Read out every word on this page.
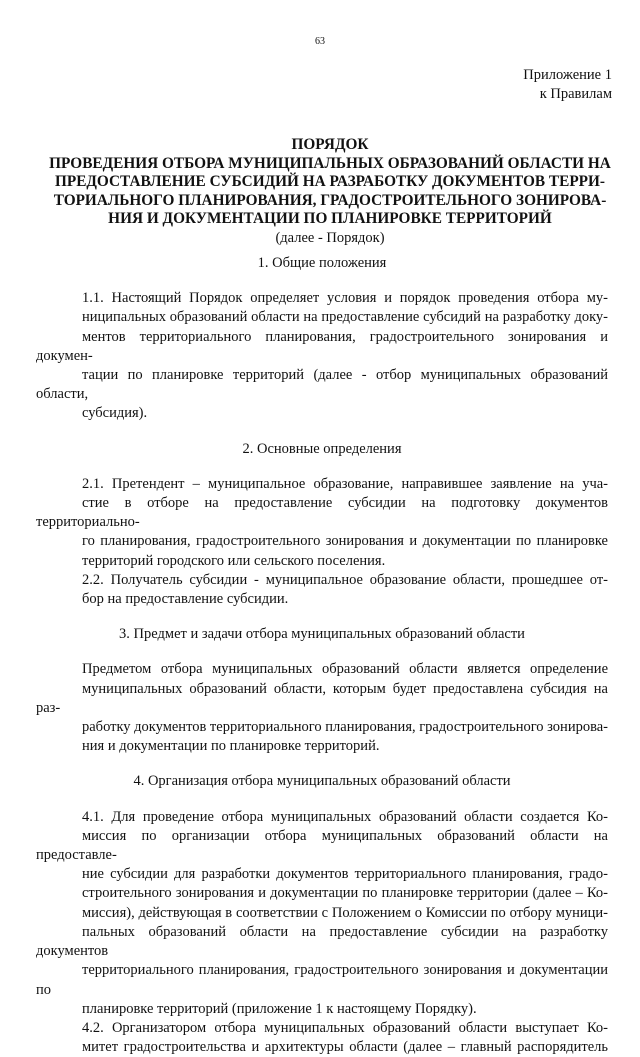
63
Приложение 1
к Правилам
ПОРЯДОК
ПРОВЕДЕНИЯ ОТБОРА МУНИЦИПАЛЬНЫХ ОБРАЗОВАНИЙ ОБЛАСТИ НА
ПРЕДОСТАВЛЕНИЕ СУБСИДИЙ НА РАЗРАБОТКУ ДОКУМЕНТОВ ТЕРРИ-
ТОРИАЛЬНОГО ПЛАНИРОВАНИЯ, ГРАДОСТРОИТЕЛЬНОГО ЗОНИРОВА-
НИЯ И ДОКУМЕНТАЦИИ ПО ПЛАНИРОВКЕ ТЕРРИТОРИЙ
(далее - Порядок)
1. Общие положения

1.1. Настоящий Порядок определяет условия и порядок проведения отбора му-
ниципальных образований области на предоставление субсидий на разработку доку-
ментов территориального планирования, градостроительного зонирования и докумен-
тации по планировке территорий (далее - отбор муниципальных образований области,
субсидия).

2. Основные определения

2.1. Претендент – муниципальное образование, направившее заявление на уча-
стие в отборе на предоставление субсидии на подготовку документов территориально-
го планирования, градостроительного зонирования и документации по планировке
территорий городского или сельского поселения.

2.2. Получатель субсидии - муниципальное образование области, прошедшее от-
бор на предоставление субсидии.

3. Предмет и задачи отбора муниципальных образований области

Предметом отбора муниципальных образований области является определение
муниципальных образований области, которым будет предоставлена субсидия на раз-
работку документов территориального планирования, градостроительного зонирова-
ния и документации по планировке территорий.

4. Организация отбора муниципальных образований области

4.1. Для проведение отбора муниципальных образований области создается Ко-
миссия по организации отбора муниципальных образований области на предоставле-
ние субсидии для разработки документов территориального планирования, градо-
строительного зонирования и документации по планировке территории (далее – Ко-
миссия), действующая в соответствии с Положением о Комиссии по отбору муници-
пальных образований области на предоставление субсидии на разработку документов
территориального планирования, градостроительного зонирования и документации по
планировке территорий (приложение 1 к настоящему Порядку).

4.2. Организатором отбора муниципальных образований области выступает Ко-
митет градостроительства и архитектуры области (далее – главный распорядитель
